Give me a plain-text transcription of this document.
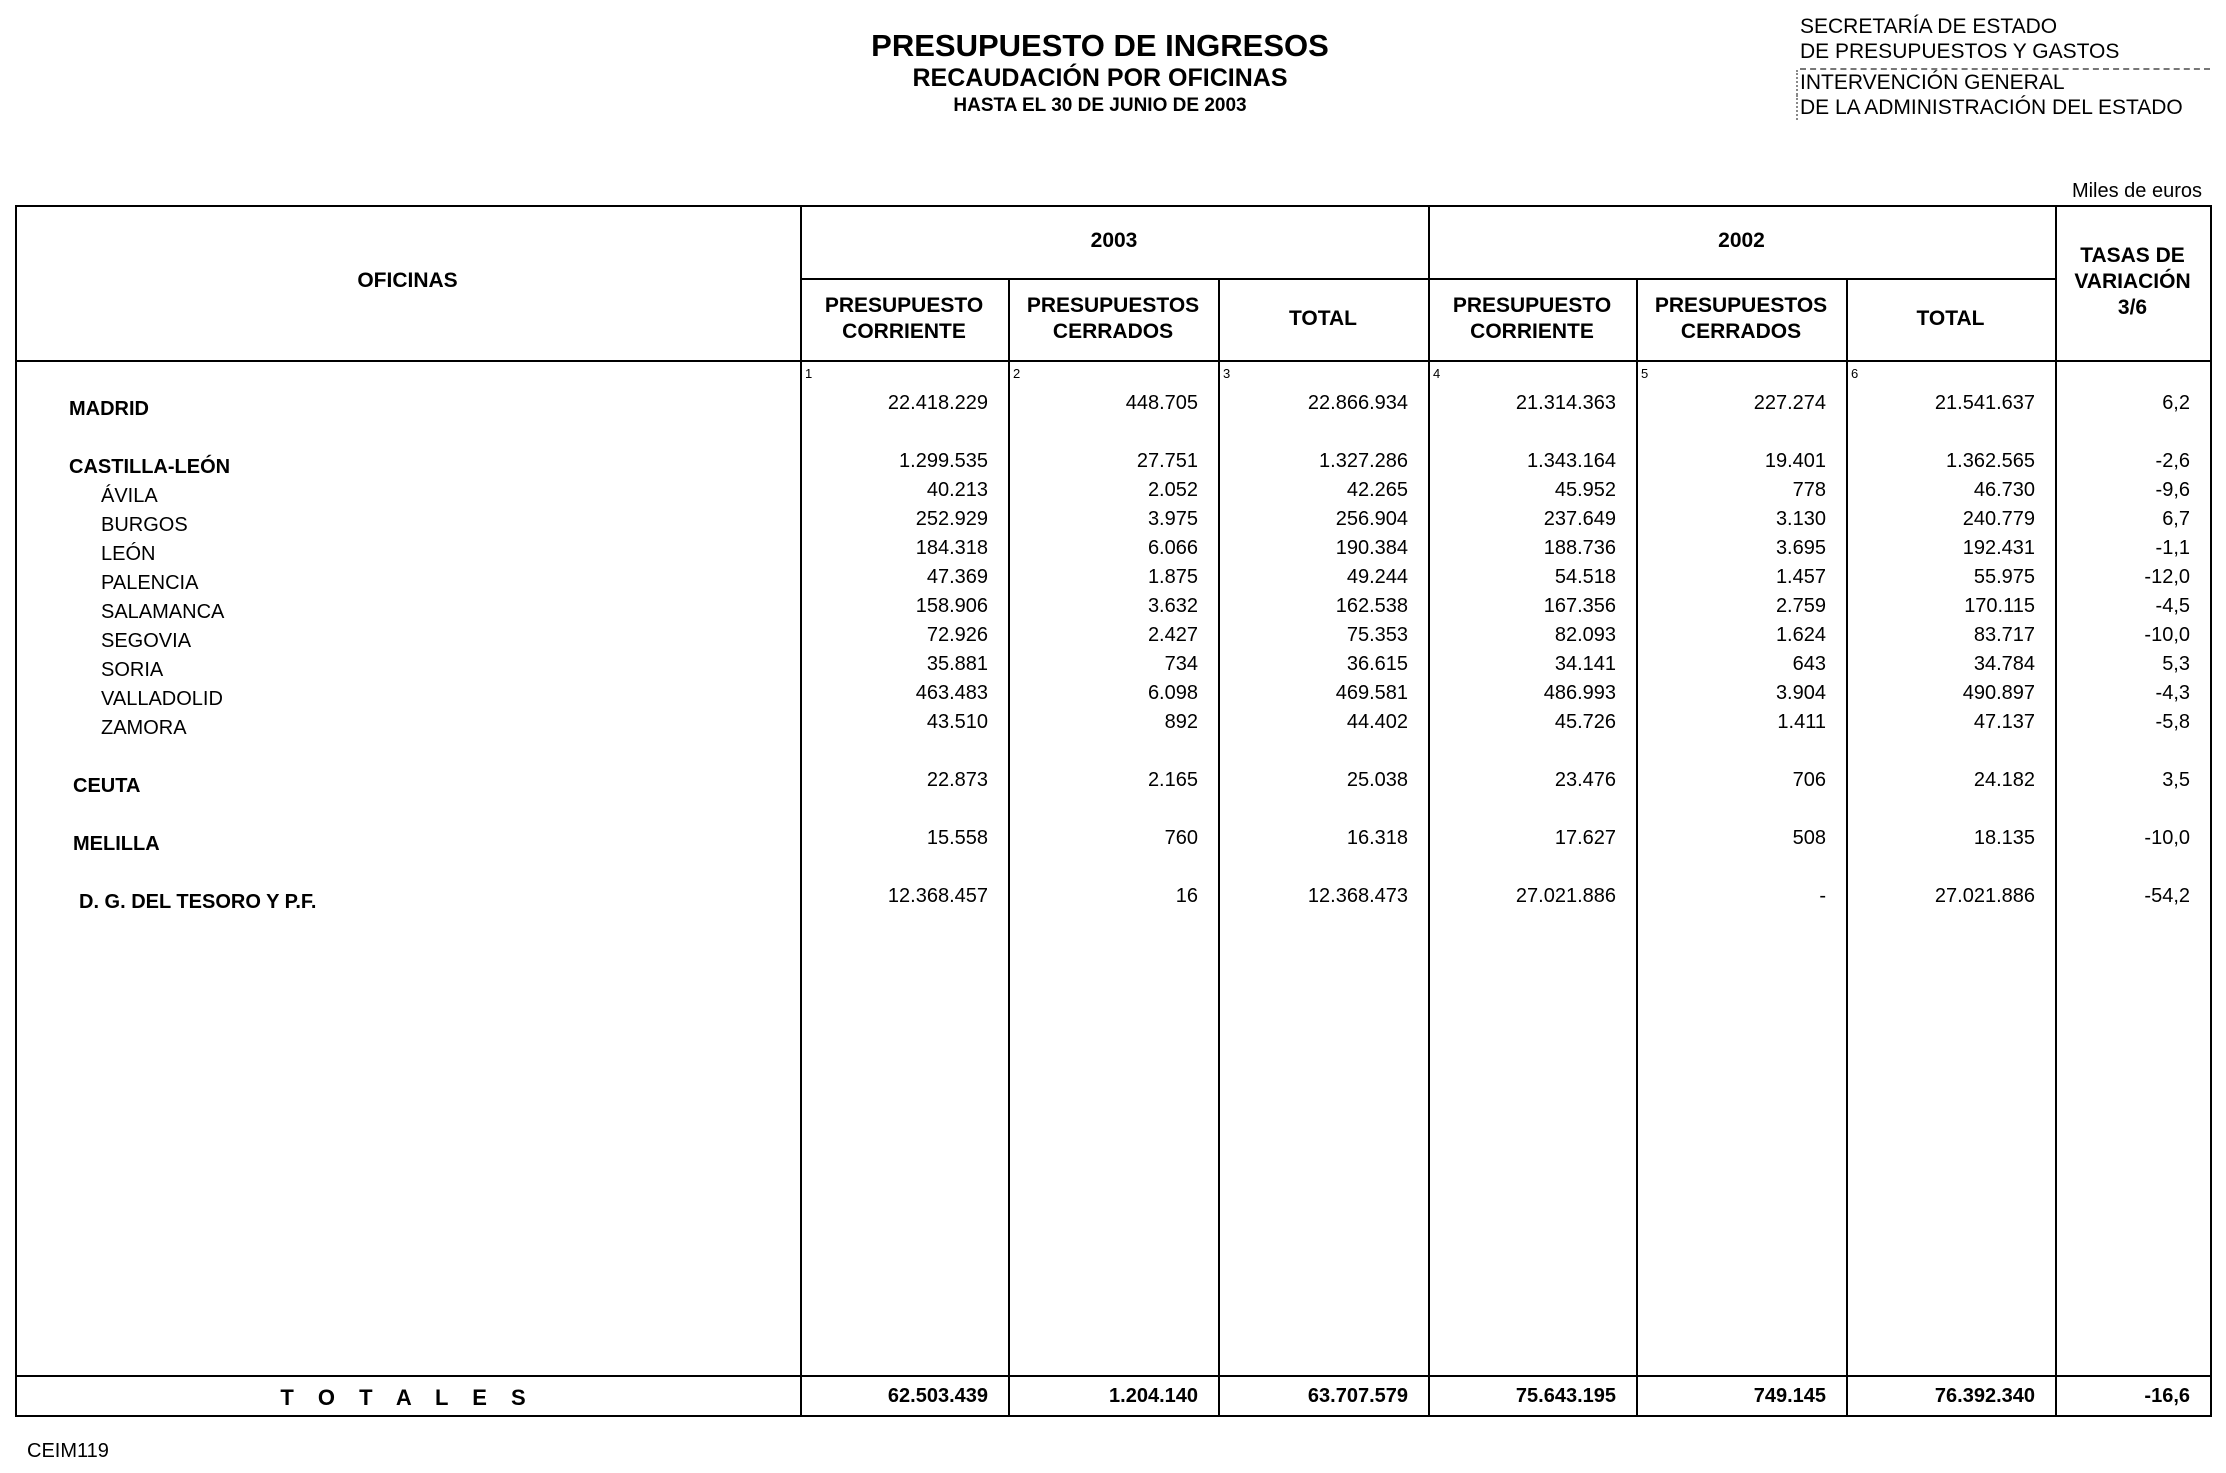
PRESUPUESTO DE INGRESOS
RECAUDACIÓN POR OFICINAS
HASTA EL 30 DE JUNIO DE 2003
SECRETARÍA DE ESTADO
DE PRESUPUESTOS Y GASTOS
INTERVENCIÓN GENERAL
DE LA ADMINISTRACIÓN DEL ESTADO
Miles de euros
OFICINAS
2003	2002
PRESUPUESTO
CORRIENTE
PRESUPUESTOS
CERRADOS
TOTAL
PRESUPUESTO
CORRIENTE
PRESUPUESTOS
CERRADOS
TOTAL
TASAS DE
VARIACIÓN
3/6
1	2	3	4	5	6
MADRID	22.418.229	448.705	22.866.934	21.314.363	227.274	21.541.637	6,2
CASTILLA-LEÓN	1.299.535	27.751	1.327.286	1.343.164	19.401	1.362.565	-2,6
ÁVILA	40.213	2.052	42.265	45.952	778	46.730	-9,6
BURGOS	252.929	3.975	256.904	237.649	3.130	240.779	6,7
LEÓN	184.318	6.066	190.384	188.736	3.695	192.431	-1,1
PALENCIA	47.369	1.875	49.244	54.518	1.457	55.975	-12,0
SALAMANCA	158.906	3.632	162.538	167.356	2.759	170.115	-4,5
SEGOVIA	72.926	2.427	75.353	82.093	1.624	83.717	-10,0
SORIA	35.881	734	36.615	34.141	643	34.784	5,3
VALLADOLID	463.483	6.098	469.581	486.993	3.904	490.897	-4,3
ZAMORA	43.510	892	44.402	45.726	1.411	47.137	-5,8
CEUTA	22.873	2.165	25.038	23.476	706	24.182	3,5
MELILLA	15.558	760	16.318	17.627	508	18.135	-10,0
D. G. DEL TESORO Y P.F.	12.368.457	16	12.368.473	27.021.886	-	27.021.886	-54,2
T O T A L E S	62.503.439	1.204.140	63.707.579	75.643.195	749.145	76.392.340	-16,6
CEIM119
